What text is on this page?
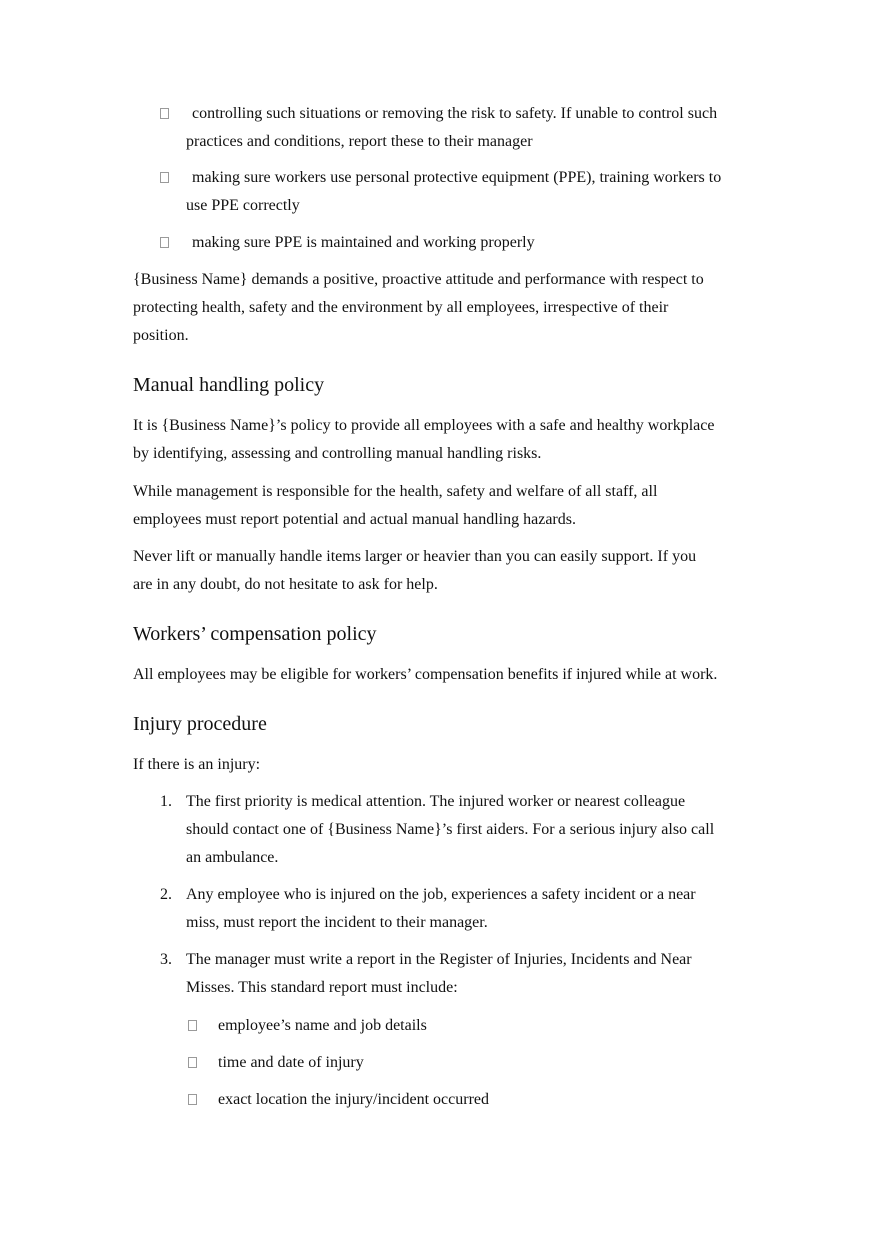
controlling such situations or removing the risk to safety. If unable to control such
practices and conditions, report these to their manager
making sure workers use personal protective equipment (PPE), training workers to
use PPE correctly
making sure PPE is maintained and working properly
{Business Name} demands a positive, proactive attitude and performance with respect to
protecting health, safety and the environment by all employees, irrespective of their
position.
Manual handling policy
It is {Business Name}’s policy to provide all employees with a safe and healthy workplace
by identifying, assessing and controlling manual handling risks.
While management is responsible for the health, safety and welfare of all staff, all
employees must report potential and actual manual handling hazards.
Never lift or manually handle items larger or heavier than you can easily support. If you
are in any doubt, do not hesitate to ask for help.
Workers’ compensation policy
All employees may be eligible for workers’ compensation benefits if injured while at work.
Injury procedure
If there is an injury:
1. The first priority is medical attention. The injured worker or nearest colleague
should contact one of {Business Name}’s first aiders. For a serious injury also call
an ambulance.
2. Any employee who is injured on the job, experiences a safety incident or a near
miss, must report the incident to their manager.
3. The manager must write a report in the Register of Injuries, Incidents and Near
Misses. This standard report must include:
employee’s name and job details
time and date of injury
exact location the injury/incident occurred
